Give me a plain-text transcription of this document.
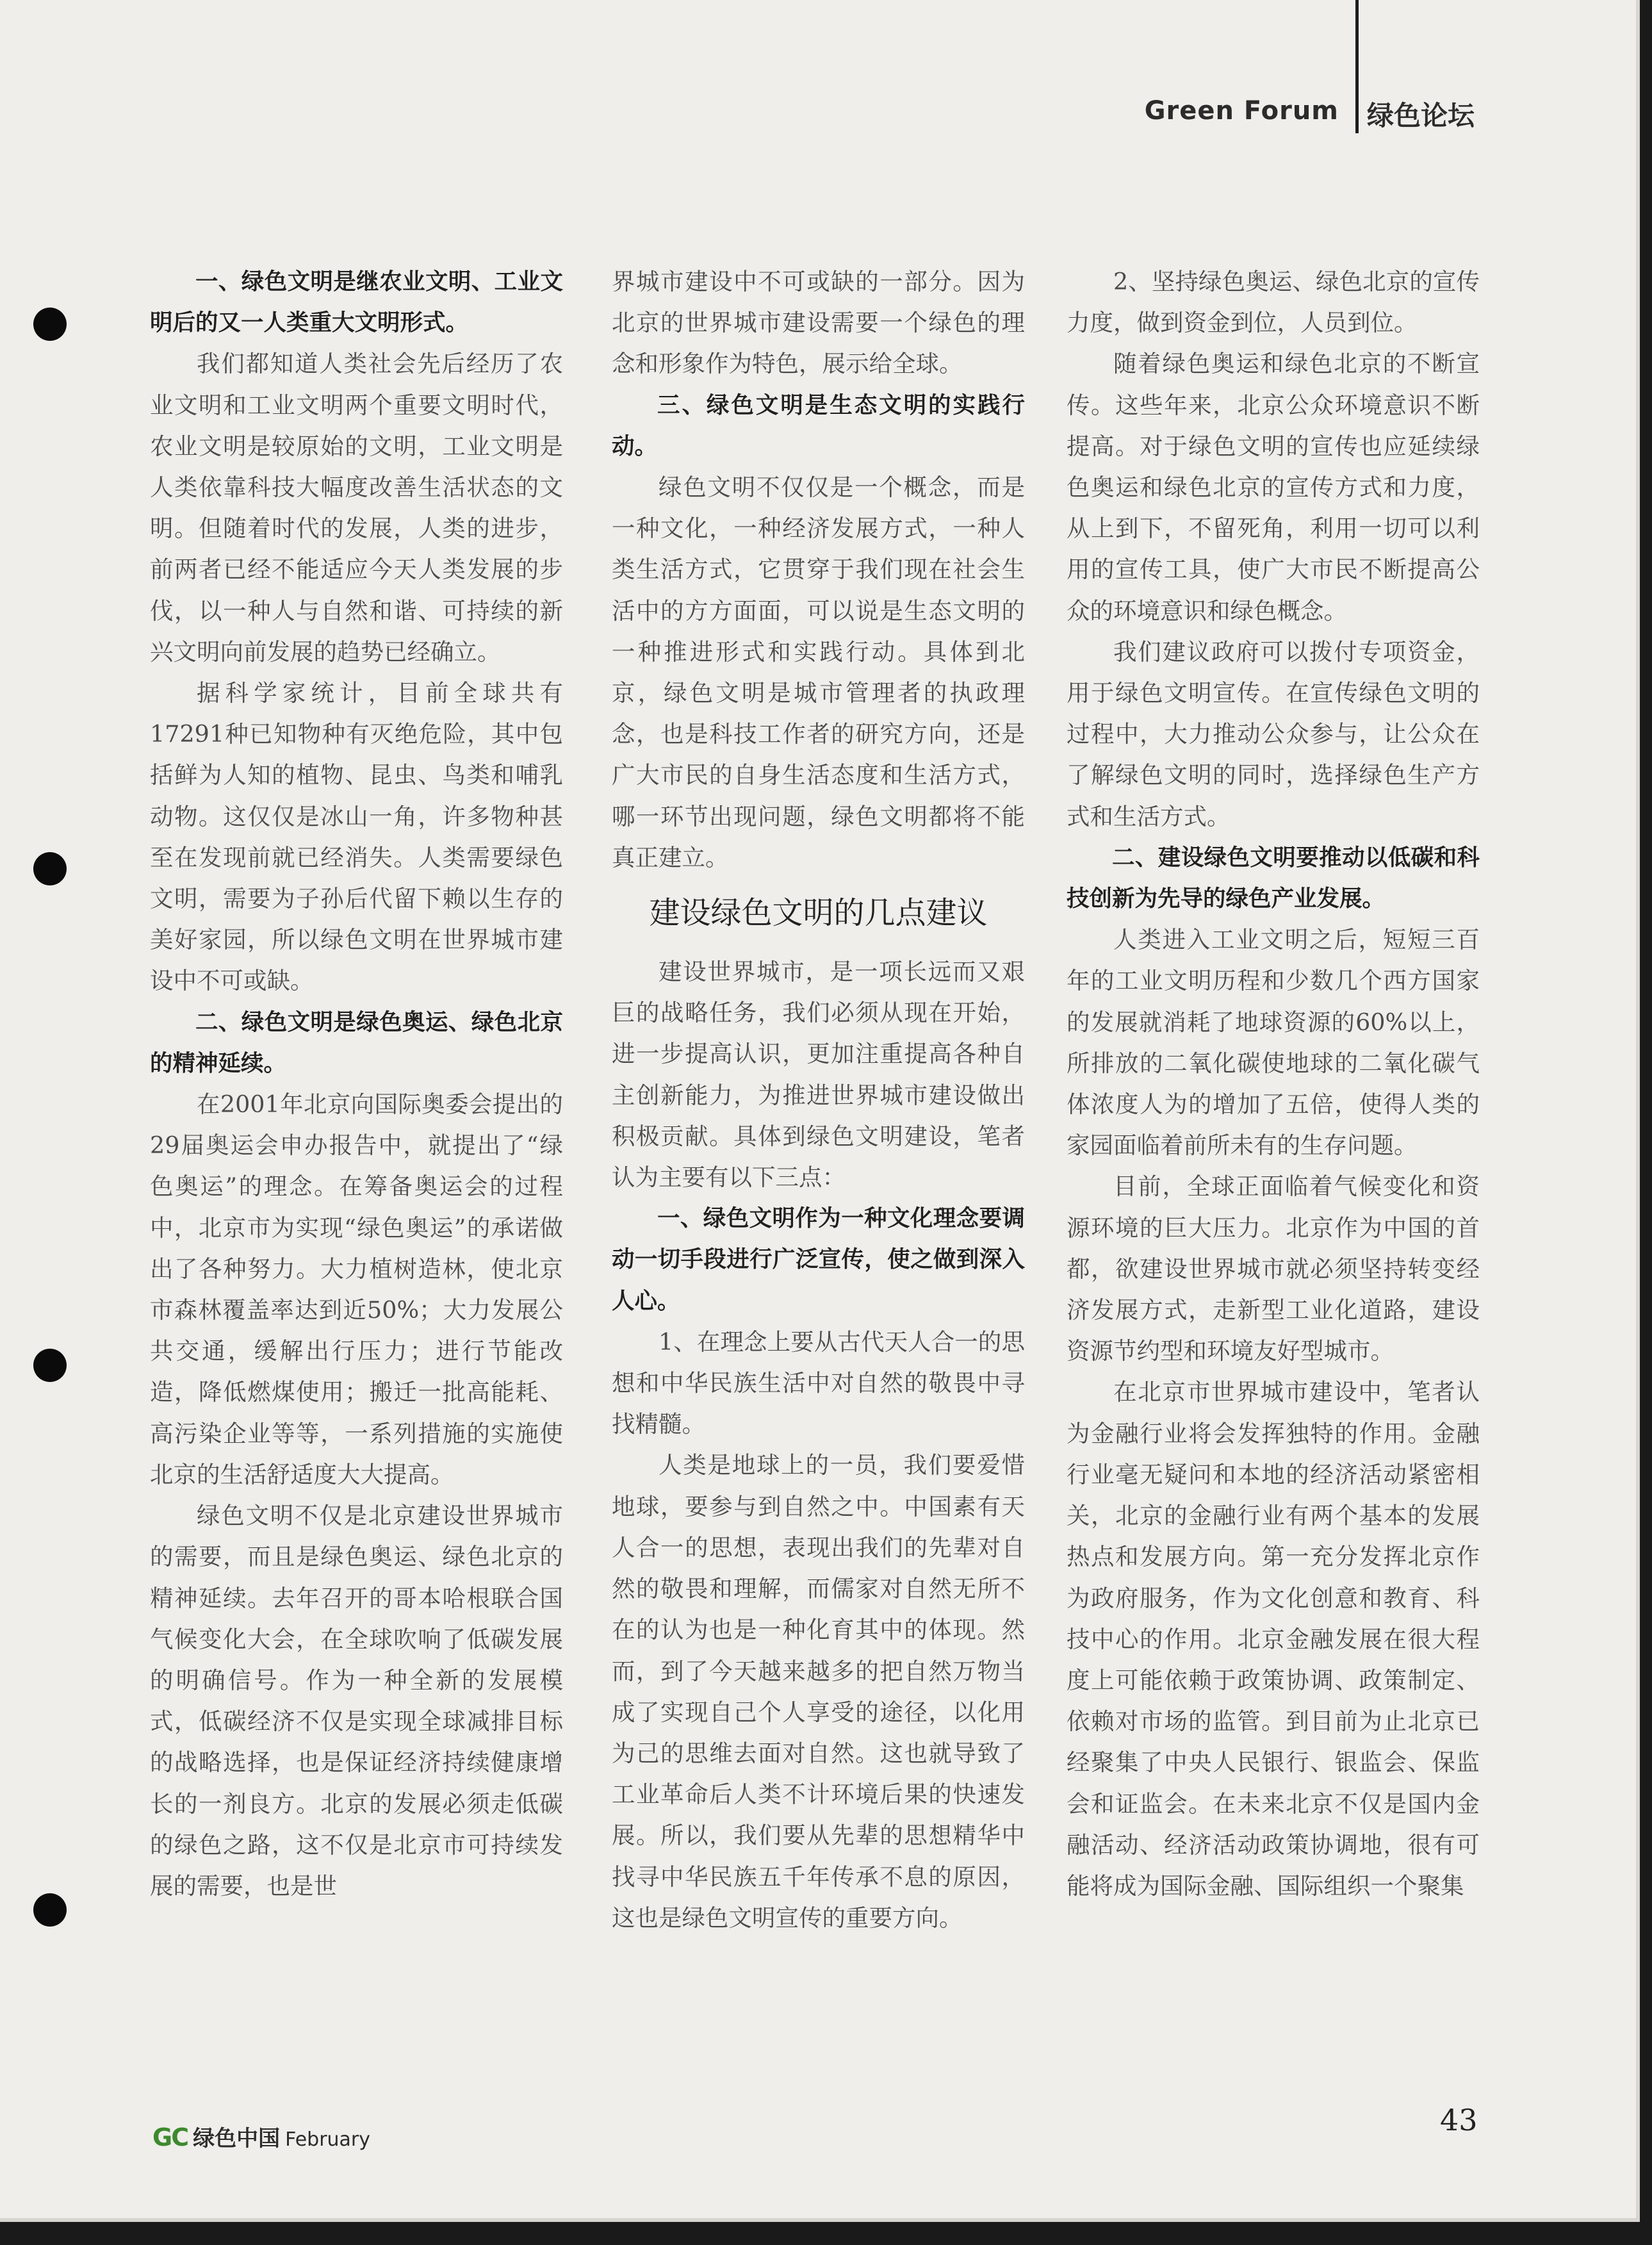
Green Forum 绿色论坛

一、绿色文明是继农业文明、工业文明后的又一人类重大文明形式。

我们都知道人类社会先后经历了农业文明和工业文明两个重要文明时代，农业文明是较原始的文明，工业文明是人类依靠科技大幅度改善生活状态的文明。但随着时代的发展，人类的进步，前两者已经不能适应今天人类发展的步伐，以一种人与自然和谐、可持续的新兴文明向前发展的趋势已经确立。

据科学家统计，目前全球共有17291种已知物种有灭绝危险，其中包括鲜为人知的植物、昆虫、鸟类和哺乳动物。这仅仅是冰山一角，许多物种甚至在发现前就已经消失。人类需要绿色文明，需要为子孙后代留下赖以生存的美好家园，所以绿色文明在世界城市建设中不可或缺。

二、绿色文明是绿色奥运、绿色北京的精神延续。

在2001年北京向国际奥委会提出的29届奥运会申办报告中，就提出了“绿色奥运”的理念。在筹备奥运会的过程中，北京市为实现“绿色奥运”的承诺做出了各种努力。大力植树造林，使北京市森林覆盖率达到近50%；大力发展公共交通，缓解出行压力；进行节能改造，降低燃煤使用；搬迁一批高能耗、高污染企业等等，一系列措施的实施使北京的生活舒适度大大提高。

绿色文明不仅是北京建设世界城市的需要，而且是绿色奥运、绿色北京的精神延续。去年召开的哥本哈根联合国气候变化大会，在全球吹响了低碳发展的明确信号。作为一种全新的发展模式，低碳经济不仅是实现全球减排目标的战略选择，也是保证经济持续健康增长的一剂良方。北京的发展必须走低碳的绿色之路，这不仅是北京市可持续发展的需要，也是世

界城市建设中不可或缺的一部分。因为北京的世界城市建设需要一个绿色的理念和形象作为特色，展示给全球。

三、绿色文明是生态文明的实践行动。

绿色文明不仅仅是一个概念，而是一种文化，一种经济发展方式，一种人类生活方式，它贯穿于我们现在社会生活中的方方面面，可以说是生态文明的一种推进形式和实践行动。具体到北京，绿色文明是城市管理者的执政理念，也是科技工作者的研究方向，还是广大市民的自身生活态度和生活方式，哪一环节出现问题，绿色文明都将不能真正建立。

建设绿色文明的几点建议

建设世界城市，是一项长远而又艰巨的战略任务，我们必须从现在开始，进一步提高认识，更加注重提高各种自主创新能力，为推进世界城市建设做出积极贡献。具体到绿色文明建设，笔者认为主要有以下三点：

一、绿色文明作为一种文化理念要调动一切手段进行广泛宣传，使之做到深入人心。

1、在理念上要从古代天人合一的思想和中华民族生活中对自然的敬畏中寻找精髓。

人类是地球上的一员，我们要爱惜地球，要参与到自然之中。中国素有天人合一的思想，表现出我们的先辈对自然的敬畏和理解，而儒家对自然无所不在的认为也是一种化育其中的体现。然而，到了今天越来越多的把自然万物当成了实现自己个人享受的途径，以化用为己的思维去面对自然。这也就导致了工业革命后人类不计环境后果的快速发展。所以，我们要从先辈的思想精华中找寻中华民族五千年传承不息的原因，这也是绿色文明宣传的重要方向。

2、坚持绿色奥运、绿色北京的宣传力度，做到资金到位，人员到位。

随着绿色奥运和绿色北京的不断宣传。这些年来，北京公众环境意识不断提高。对于绿色文明的宣传也应延续绿色奥运和绿色北京的宣传方式和力度，从上到下，不留死角，利用一切可以利用的宣传工具，使广大市民不断提高公众的环境意识和绿色概念。

我们建议政府可以拨付专项资金，用于绿色文明宣传。在宣传绿色文明的过程中，大力推动公众参与，让公众在了解绿色文明的同时，选择绿色生产方式和生活方式。

二、建设绿色文明要推动以低碳和科技创新为先导的绿色产业发展。

人类进入工业文明之后，短短三百年的工业文明历程和少数几个西方国家的发展就消耗了地球资源的60%以上，所排放的二氧化碳使地球的二氧化碳气体浓度人为的增加了五倍，使得人类的家园面临着前所未有的生存问题。

目前，全球正面临着气候变化和资源环境的巨大压力。北京作为中国的首都，欲建设世界城市就必须坚持转变经济发展方式，走新型工业化道路，建设资源节约型和环境友好型城市。

在北京市世界城市建设中，笔者认为金融行业将会发挥独特的作用。金融行业毫无疑问和本地的经济活动紧密相关，北京的金融行业有两个基本的发展热点和发展方向。第一充分发挥北京作为政府服务，作为文化创意和教育、科技中心的作用。北京金融发展在很大程度上可能依赖于政策协调、政策制定、依赖对市场的监管。到目前为止北京已经聚集了中央人民银行、银监会、保监会和证监会。在未来北京不仅是国内金融活动、经济活动政策协调地，很有可能将成为国际金融、国际组织一个聚集

GC 绿色中国 February
43
